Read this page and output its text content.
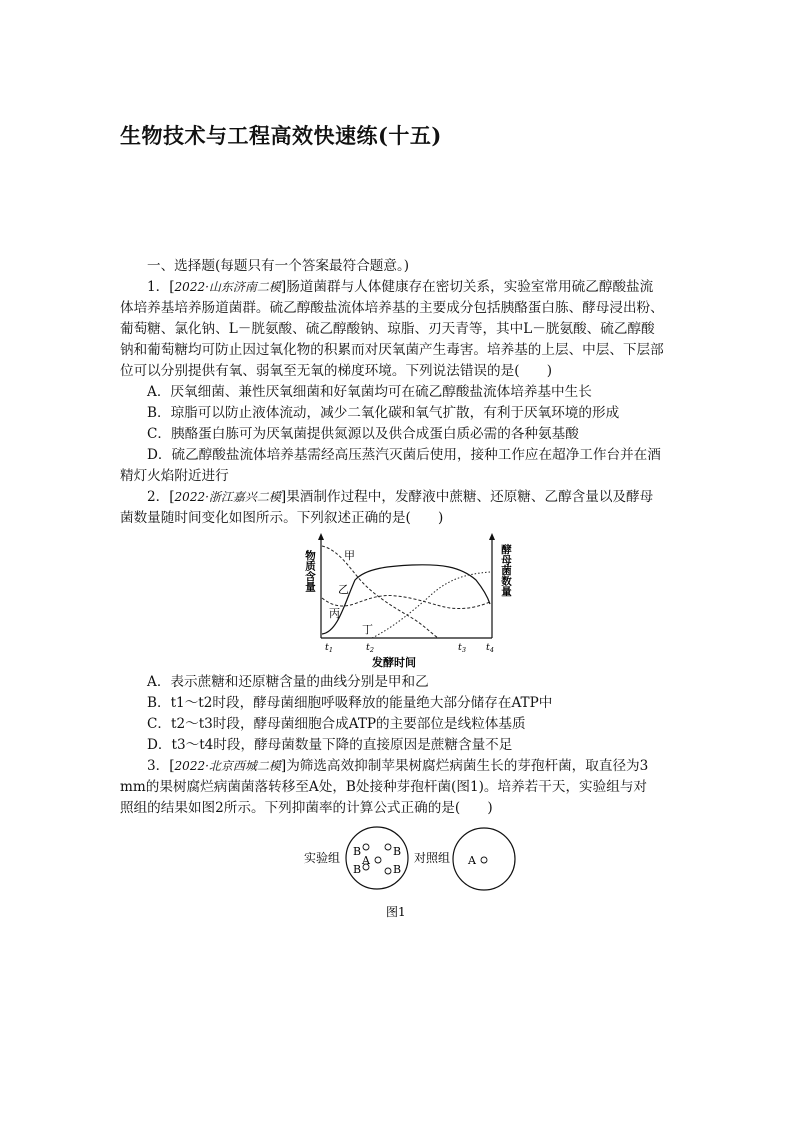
生物技术与工程高效快速练(十五)
一、选择题(每题只有一个答案最符合题意。)
1．[2022·山东济南二模]肠道菌群与人体健康存在密切关系，实验室常用硫乙醇酸盐流
体培养基培养肠道菌群。硫乙醇酸盐流体培养基的主要成分包括胰酪蛋白胨、酵母浸出粉、
葡萄糖、氯化钠、L－胱氨酸、硫乙醇酸钠、琼脂、刃天青等，其中L－胱氨酸、硫乙醇酸
钠和葡萄糖均可防止因过氧化物的积累而对厌氧菌产生毒害。培养基的上层、中层、下层部
位可以分别提供有氧、弱氧至无氧的梯度环境。下列说法错误的是(　　)
A．厌氧细菌、兼性厌氧细菌和好氧菌均可在硫乙醇酸盐流体培养基中生长
B．琼脂可以防止液体流动，减少二氧化碳和氧气扩散，有利于厌氧环境的形成
C．胰酪蛋白胨可为厌氧菌提供氮源以及供合成蛋白质必需的各种氨基酸
D．硫乙醇酸盐流体培养基需经高压蒸汽灭菌后使用，接种工作应在超净工作台并在酒
精灯火焰附近进行
2．[2022·浙江嘉兴二模]果酒制作过程中，发酵液中蔗糖、还原糖、乙醇含量以及酵母
菌数量随时间变化如图所示。下列叙述正确的是(　　)
甲
乙
丙
丁
物质含量	酵母菌数量
$t_1$	$t_2$	$t_3$ $t_4$
发酵时间
A．表示蔗糖和还原糖含量的曲线分别是甲和乙
B．t1～t2时段，酵母菌细胞呼吸释放的能量绝大部分储存在ATP中
C．t2～t3时段，酵母菌细胞合成ATP的主要部位是线粒体基质
D．t3～t4时段，酵母菌数量下降的直接原因是蔗糖含量不足
3．[2022·北京西城二模]为筛选高效抑制苹果树腐烂病菌生长的芽孢杆菌，取直径为3
mm的果树腐烂病菌菌落转移至A处，B处接种芽孢杆菌(图1)。培养若干天，实验组与对
照组的结果如图2所示。下列抑菌率的计算公式正确的是(　　)
实验组 B	B
A
B	B
对照组 A
图1
